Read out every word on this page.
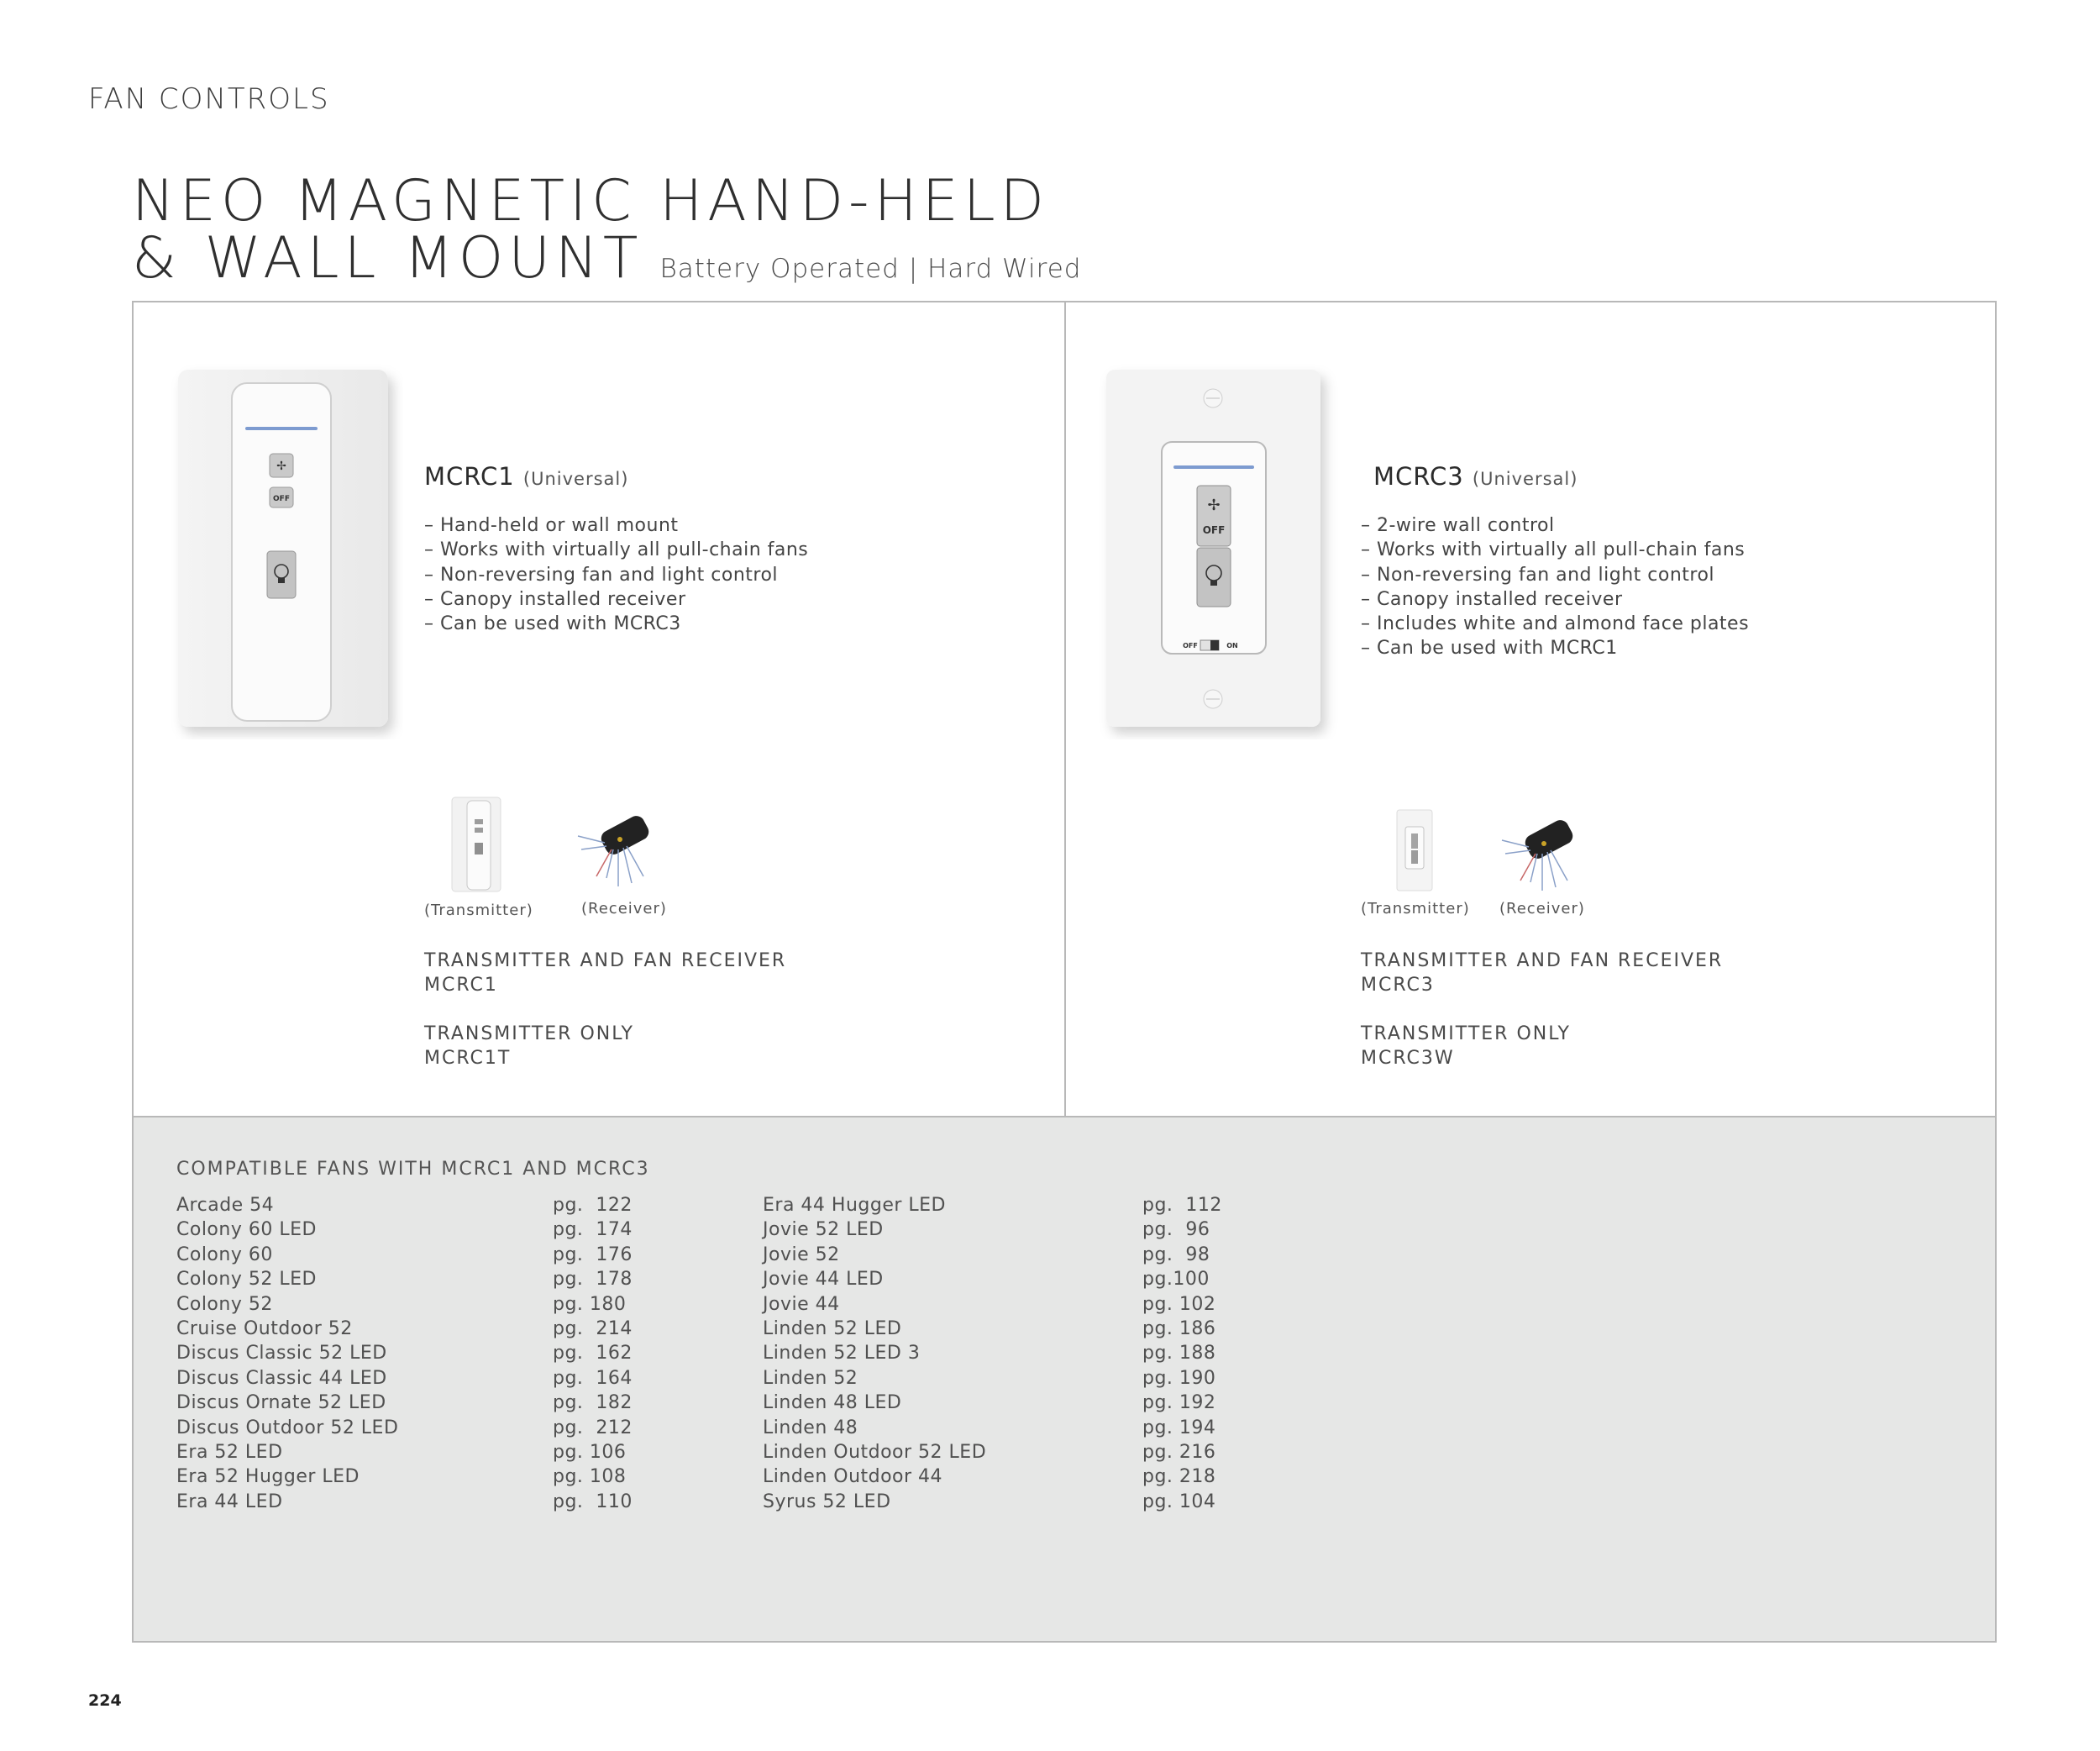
FAN CONTROLS
NEO MAGNETIC HAND-HELD
& WALL MOUNT Battery Operated | Hard Wired
✢
OFF
MCRC1 (Universal)
– Hand-held or wall mount
– Works with virtually all pull-chain fans
– Non-reversing fan and light control
– Canopy installed receiver
– Can be used with MCRC3
(Transmitter)	(Receiver)
TRANSMITTER AND FAN RECEIVER
MCRC1
TRANSMITTER ONLY
MCRC1T
✢
OFF
OFF	ON
MCRC3 (Universal)
– 2-wire wall control
– Works with virtually all pull-chain fans
– Non-reversing fan and light control
– Canopy installed receiver
– Includes white and almond face plates
– Can be used with MCRC1
(Transmitter) (Receiver)
TRANSMITTER AND FAN RECEIVER
MCRC3
TRANSMITTER ONLY
MCRC3W
COMPATIBLE FANS WITH MCRC1 AND MCRC3
Arcade 54	pg.  122
Colony 60 LED	pg.  174
Colony 60	pg.  176
Colony 52 LED	pg.  178
Colony 52	pg. 180
Cruise Outdoor 52	pg.  214
Discus Classic 52 LED	pg.  162
Discus Classic 44 LED	pg.  164
Discus Ornate 52 LED	pg.  182
Discus Outdoor 52 LED	pg.  212
Era 52 LED	pg. 106
Era 52 Hugger LED	pg. 108
Era 44 LED	pg.  110
Era 44 Hugger LED	pg.  112
Jovie 52 LED	pg.  96
Jovie 52	pg.  98
Jovie 44 LED	pg.100
Jovie 44	pg. 102
Linden 52 LED	pg. 186
Linden 52 LED 3	pg. 188
Linden 52	pg. 190
Linden 48 LED	pg. 192
Linden 48	pg. 194
Linden Outdoor 52 LED	pg. 216
Linden Outdoor 44	pg. 218
Syrus 52 LED	pg. 104
224
